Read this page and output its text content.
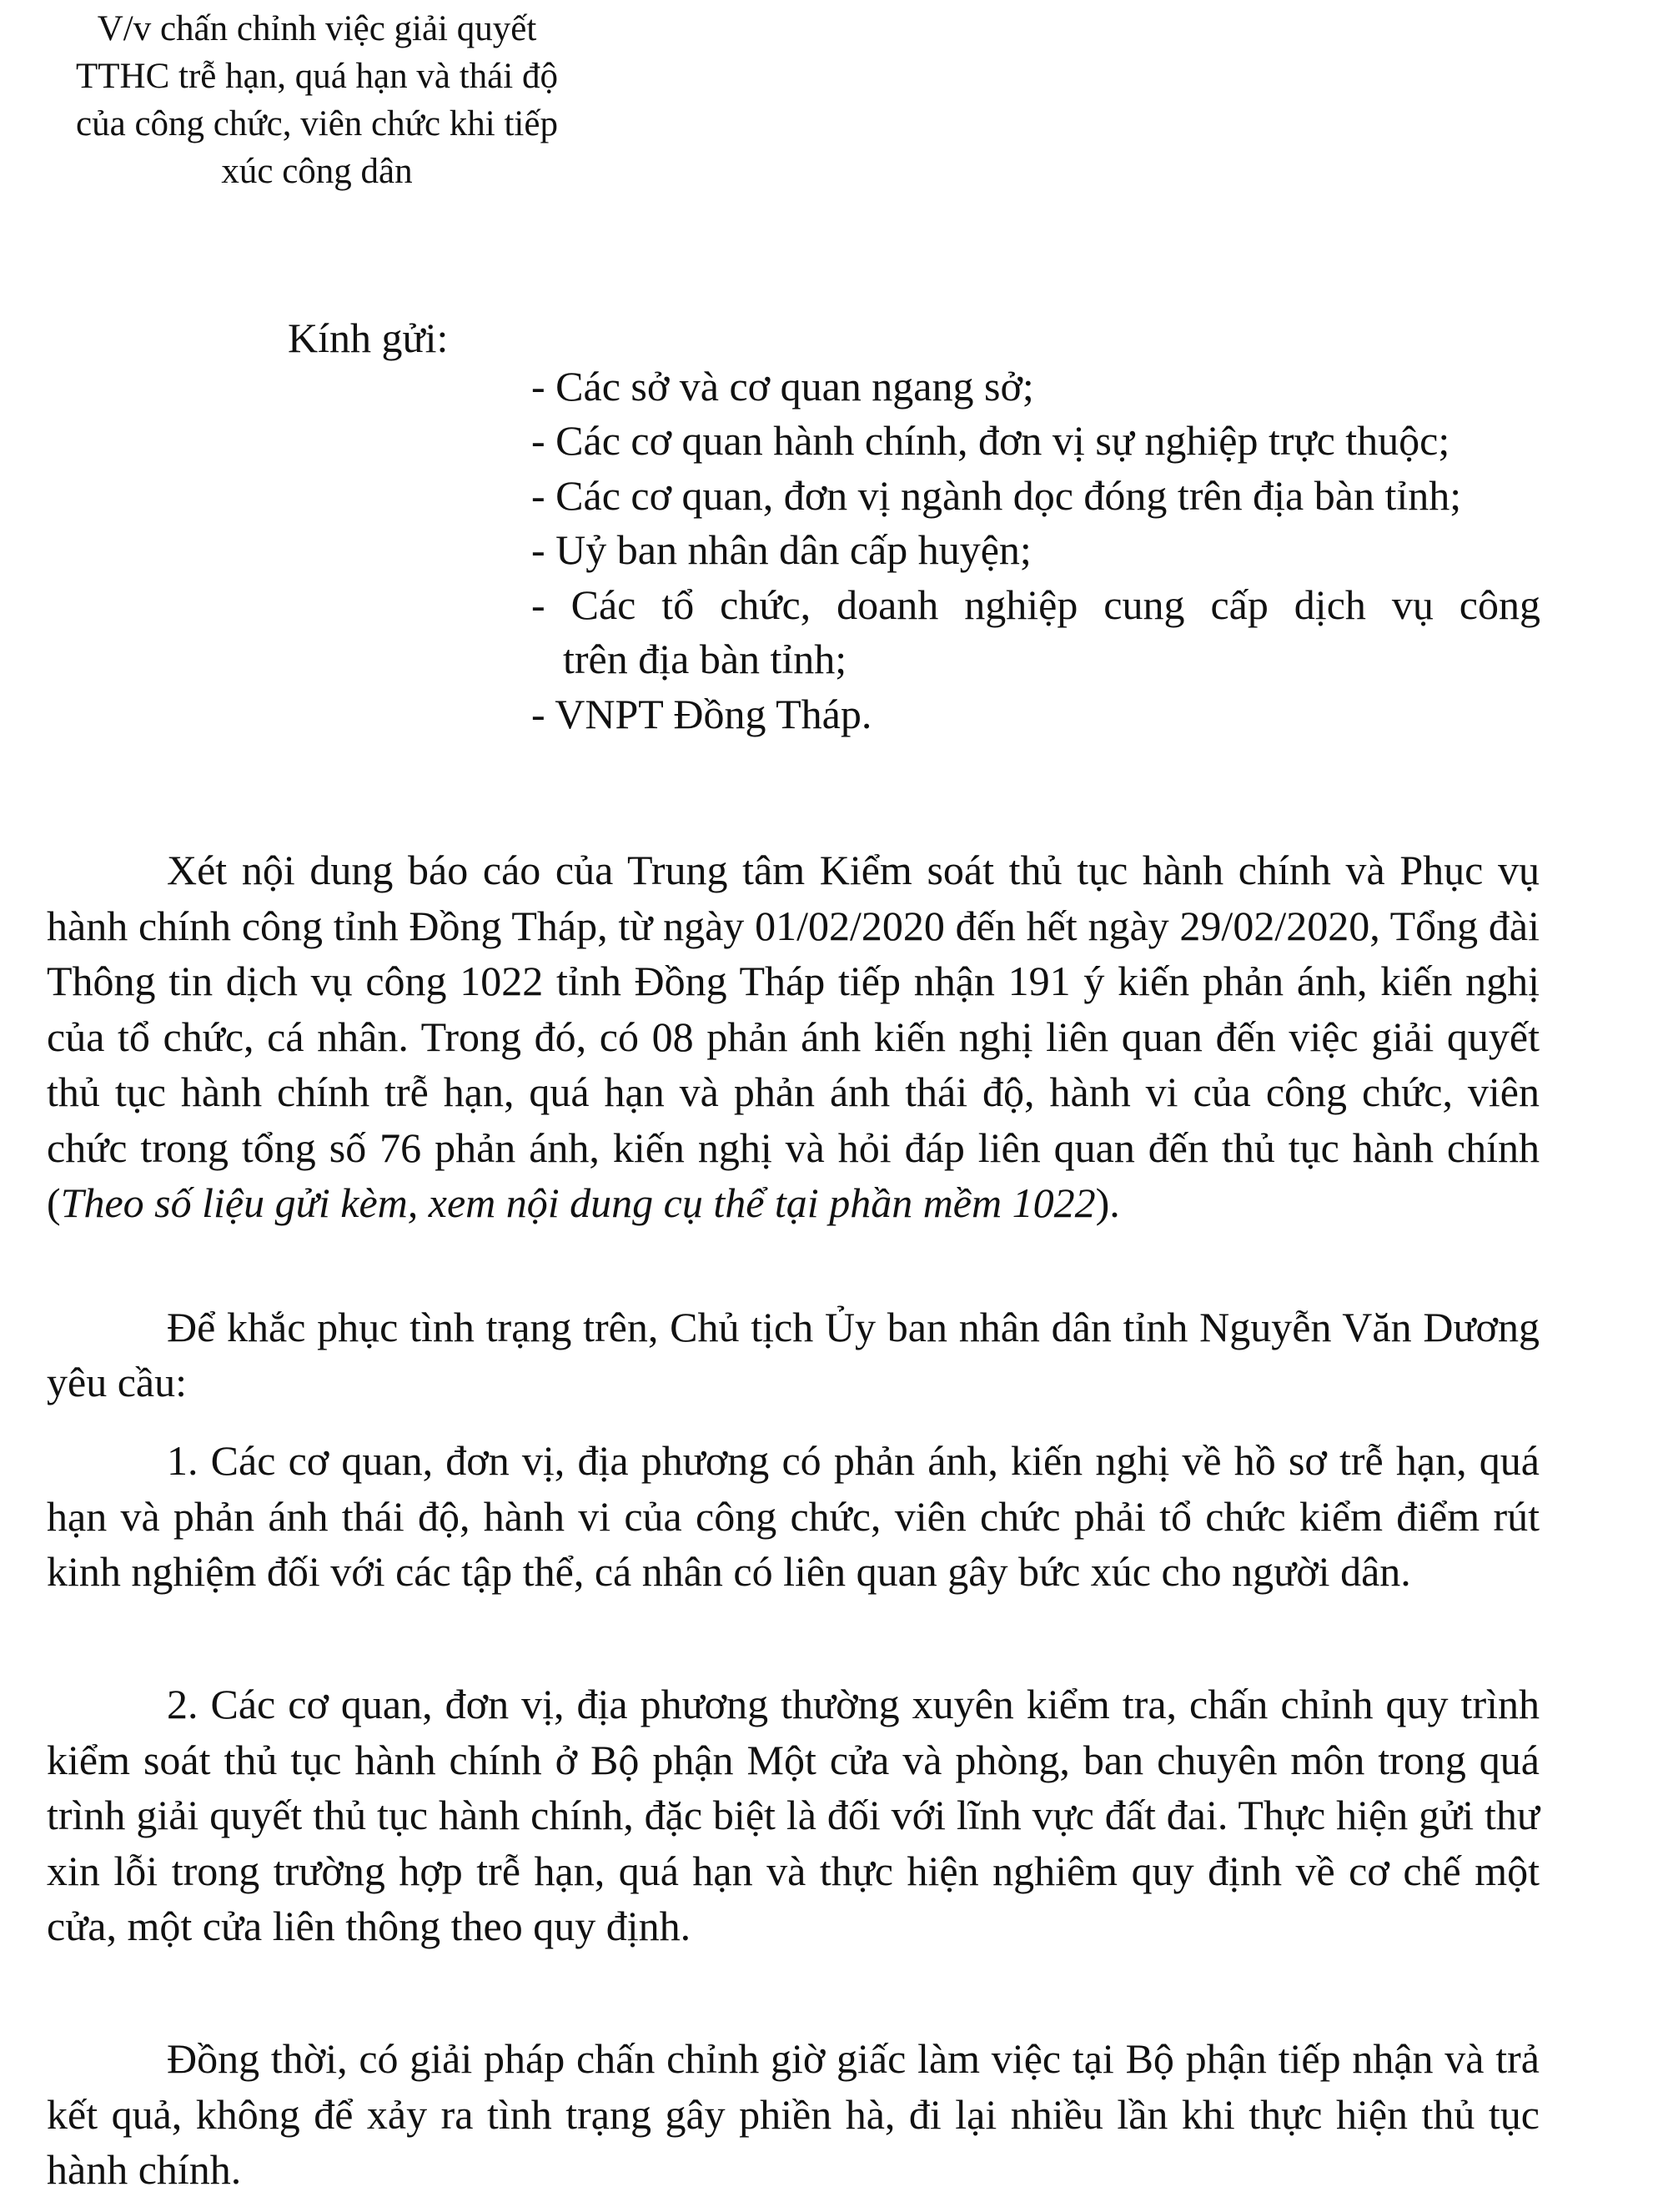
V/v chấn chỉnh việc giải quyết
TTHC trễ hạn, quá hạn và thái độ
của công chức, viên chức khi tiếp
xúc công dân
Kính gửi:
- Các sở và cơ quan ngang sở;
- Các cơ quan hành chính, đơn vị sự nghiệp trực thuộc;
- Các cơ quan, đơn vị ngành dọc đóng trên địa bàn tỉnh;
- Uỷ ban nhân dân cấp huyện;
- Các tổ chức, doanh nghiệp cung cấp dịch vụ công
trên địa bàn tỉnh;
- VNPT Đồng Tháp.

Xét nội dung báo cáo của Trung tâm Kiểm soát thủ tục hành chính và Phục vụ hành chính công tỉnh Đồng Tháp, từ ngày 01/02/2020 đến hết ngày 29/02/2020, Tổng đài Thông tin dịch vụ công 1022 tỉnh Đồng Tháp tiếp nhận 191 ý kiến phản ánh, kiến nghị của tổ chức, cá nhân. Trong đó, có 08 phản ánh kiến nghị liên quan đến việc giải quyết thủ tục hành chính trễ hạn, quá hạn và phản ánh thái độ, hành vi của công chức, viên chức trong tổng số 76 phản ánh, kiến nghị và hỏi đáp liên quan đến thủ tục hành chính (Theo số liệu gửi kèm, xem nội dung cụ thể tại phần mềm 1022).

Để khắc phục tình trạng trên, Chủ tịch Ủy ban nhân dân tỉnh Nguyễn Văn Dương yêu cầu:

1. Các cơ quan, đơn vị, địa phương có phản ánh, kiến nghị về hồ sơ trễ hạn, quá hạn và phản ánh thái độ, hành vi của công chức, viên chức phải tổ chức kiểm điểm rút kinh nghiệm đối với các tập thể, cá nhân có liên quan gây bức xúc cho người dân.

2. Các cơ quan, đơn vị, địa phương thường xuyên kiểm tra, chấn chỉnh quy trình kiểm soát thủ tục hành chính ở Bộ phận Một cửa và phòng, ban chuyên môn trong quá trình giải quyết thủ tục hành chính, đặc biệt là đối với lĩnh vực đất đai. Thực hiện gửi thư xin lỗi trong trường hợp trễ hạn, quá hạn và thực hiện nghiêm quy định về cơ chế một cửa, một cửa liên thông theo quy định.

Đồng thời, có giải pháp chấn chỉnh giờ giấc làm việc tại Bộ phận tiếp nhận và trả kết quả, không để xảy ra tình trạng gây phiền hà, đi lại nhiều lần khi thực hiện thủ tục hành chính.
